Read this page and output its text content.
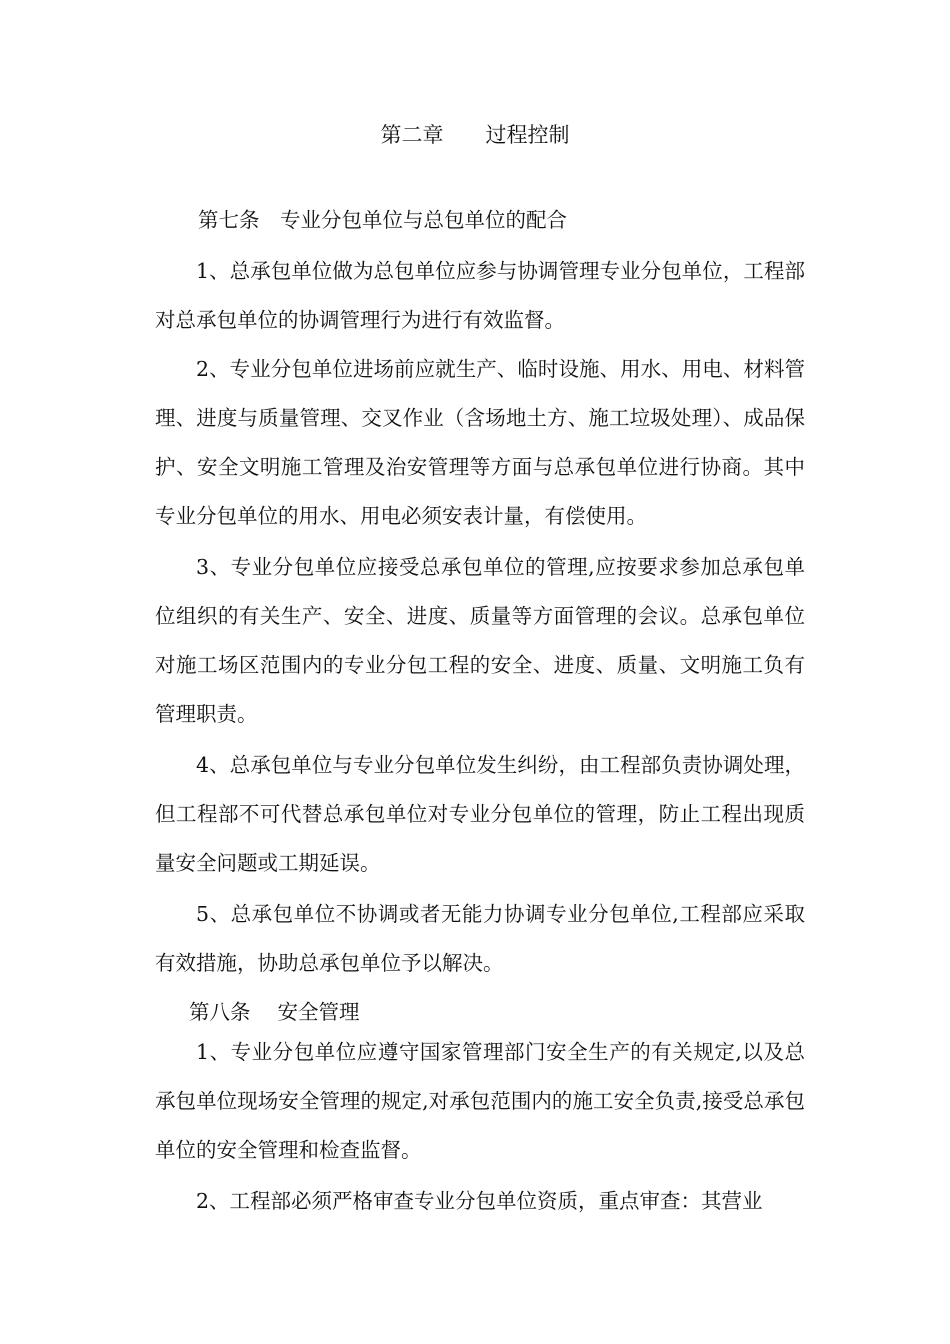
第二章　　过程控制
第七条　专业分包单位与总包单位的配合

1、总承包单位做为总包单位应参与协调管理专业分包单位，工程部对总承包单位的协调管理行为进行有效监督。

2、专业分包单位进场前应就生产、临时设施、用水、用电、材料管理、进度与质量管理、交叉作业（含场地土方、施工垃圾处理）、成品保护、安全文明施工管理及治安管理等方面与总承包单位进行协商。其中专业分包单位的用水、用电必须安表计量，有偿使用。

3、专业分包单位应接受总承包单位的管理,应按要求参加总承包单位组织的有关生产、安全、进度、质量等方面管理的会议。总承包单位对施工场区范围内的专业分包工程的安全、进度、质量、文明施工负有管理职责。

4、总承包单位与专业分包单位发生纠纷，由工程部负责协调处理，但工程部不可代替总承包单位对专业分包单位的管理，防止工程出现质量安全问题或工期延误。

5、总承包单位不协调或者无能力协调专业分包单位,工程部应采取有效措施，协助总承包单位予以解决。

第八条　 安全管理

1、专业分包单位应遵守国家管理部门安全生产的有关规定,以及总承包单位现场安全管理的规定,对承包范围内的施工安全负责,接受总承包单位的安全管理和检查监督。

2、工程部必须严格审查专业分包单位资质，重点审查：其营业
